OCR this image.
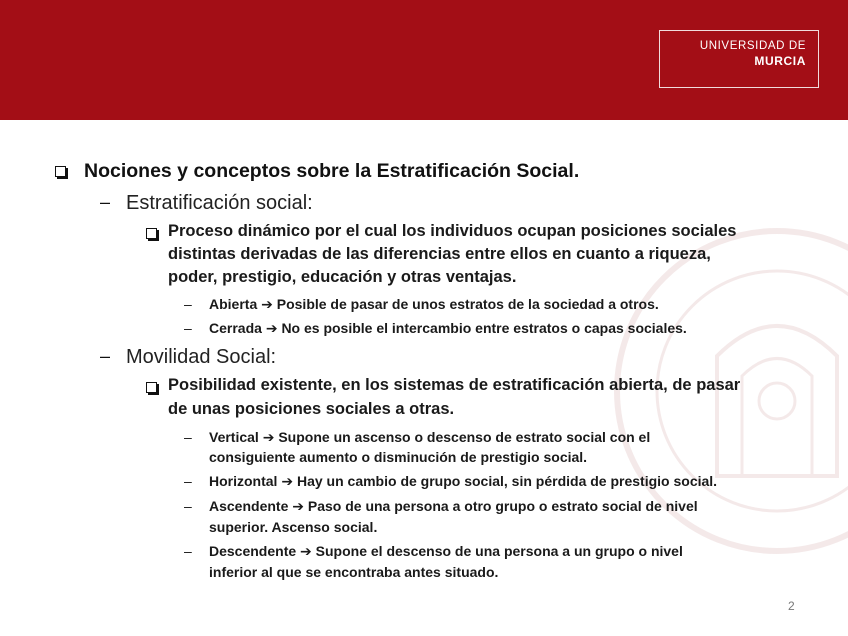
UNIVERSIDAD DE
MURCIA
Nociones y conceptos sobre la Estratificación Social.
– Estratificación social:
Proceso dinámico por el cual los individuos ocupan posiciones sociales
distintas derivadas de las diferencias entre ellos en cuanto a riqueza,
poder, prestigio, educación y otras ventajas.
– Abierta ➔ Posible de pasar de unos estratos de la sociedad a otros.
– Cerrada ➔ No es posible el intercambio entre estratos o capas sociales.
– Movilidad Social:
Posibilidad existente, en los sistemas de estratificación abierta, de pasar
de unas posiciones sociales a otras.
– Vertical ➔ Supone un ascenso o descenso de estrato social con el
consiguiente aumento o disminución de prestigio social.
– Horizontal ➔ Hay un cambio de grupo social, sin pérdida de prestigio social.
– Ascendente ➔ Paso de una persona a otro grupo o estrato social de nivel
superior. Ascenso social.
– Descendente ➔ Supone el descenso de una persona a un grupo o nivel
inferior al que se encontraba antes situado.
2
